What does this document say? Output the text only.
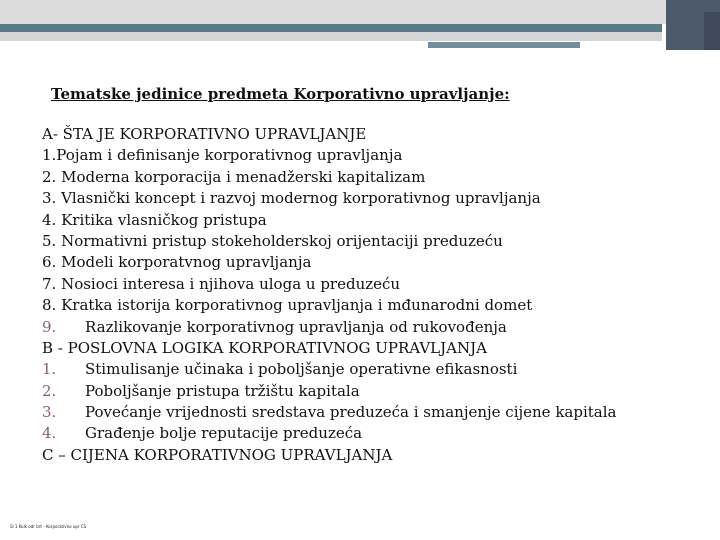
Tematske jedinice predmeta Korporativno upravljanje:
A- ŠTA JE KORPORATIVNO UPRAVLJANJE
1.Pojam i definisanje korporativnog upravljanja
2. Moderna korporacija i menadžerski kapitalizam
3. Vlasnički koncept i razvoj modernog korporativnog upravljanja
4. Kritika vlasničkog pristupa
5. Normativni pristup stokeholderskoj orijentaciji preduzeću
6. Modeli korporatvnog upravljanja
7. Nosioci interesa i njihova uloga u preduzeću
8. Kratka istorija korporativnog upravljanja i mđunarodni domet
9. Razlikovanje korporativnog upravljanja od rukovođenja
B - POSLOVNA LOGIKA KORPORATIVNOG UPRAVLJANJA
1. Stimulisanje učinaka i poboljšanje operativne efikasnosti
2. Poboljšanje pristupa tržištu kapitala
3. Povećanje vrijednosti sredstava preduzeća i smanjenje cijene kapitala
4. Građenje bolje reputacije preduzeća
C – CIJENA KORPORATIVNOG UPRAVLJANJA
Sl 1 Kolk odr brt - Korporativno upr CS
